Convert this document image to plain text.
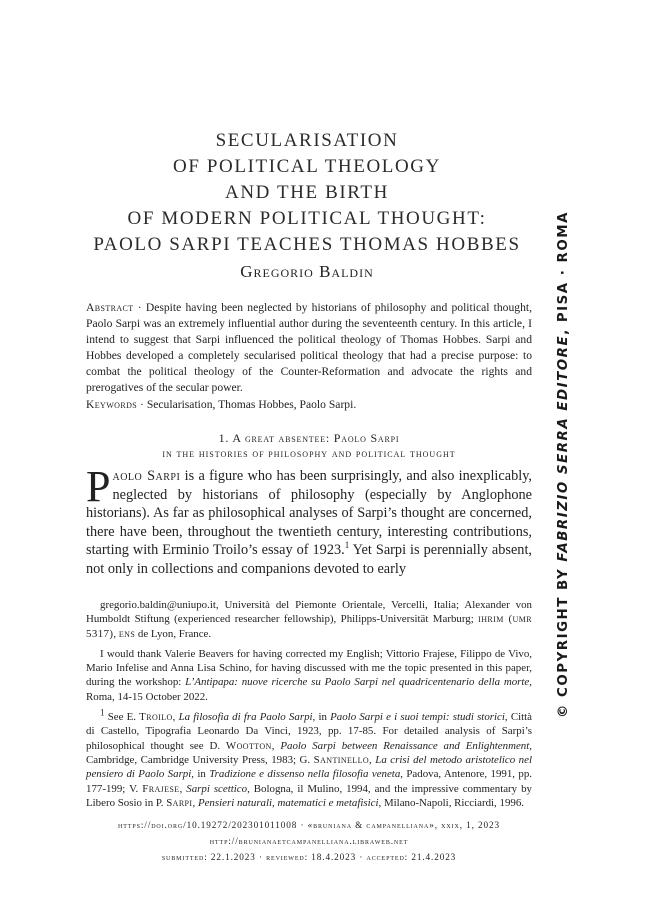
SECULARISATION
OF POLITICAL THEOLOGY
AND THE BIRTH
OF MODERN POLITICAL THOUGHT:
PAOLO SARPI TEACHES THOMAS HOBBES
Gregorio Baldin
Abstract · Despite having been neglected by historians of philosophy and political thought, Paolo Sarpi was an extremely influential author during the seventeenth century. In this article, I intend to suggest that Sarpi influenced the political theology of Thomas Hobbes. Sarpi and Hobbes developed a completely secularised political theology that had a precise purpose: to combat the political theology of the Counter-Reformation and advocate the rights and prerogatives of the secular power.
Keywords · Secularisation, Thomas Hobbes, Paolo Sarpi.
1. A great absentee: Paolo Sarpi
in the histories of philosophy and political thought
Paolo Sarpi is a figure who has been surprisingly, and also inexplicably, neglected by historians of philosophy (especially by Anglophone historians). As far as philosophical analyses of Sarpi’s thought are concerned, there have been, throughout the twentieth century, interesting contributions, starting with Erminio Troilo’s essay of 1923.$^1$ Yet Sarpi is perennially absent, not only in collections and companions devoted to early

gregorio.baldin@uniupo.it, Università del Piemonte Orientale, Vercelli, Italia; Alexander von Humboldt Stiftung (experienced researcher fellowship), Philipps-Universität Marburg; ihrim (umr 5317), ens de Lyon, France.

I would thank Valerie Beavers for having corrected my English; Vittorio Frajese, Filippo de Vivo, Mario Infelise and Anna Lisa Schino, for having discussed with me the topic presented in this paper, during the workshop: L’Antipapa: nuove ricerche su Paolo Sarpi nel quadricentenario della morte, Roma, 14-15 October 2022.

$^1$ See E. Troilo, La filosofia di fra Paolo Sarpi, in Paolo Sarpi e i suoi tempi: studi storici, Città di Castello, Tipografia Leonardo Da Vinci, 1923, pp. 17-85. For detailed analysis of Sarpi’s philosophical thought see D. Wootton, Paolo Sarpi between Renaissance and Enlightenment, Cambridge, Cambridge University Press, 1983; G. Santinello, La crisi del metodo aristotelico nel pensiero di Paolo Sarpi, in Tradizione e dissenso nella filosofia veneta, Padova, Antenore, 1991, pp. 177-199; V. Frajese, Sarpi scettico, Bologna, il Mulino, 1994, and the impressive commentary by Libero Sosio in P. Sarpi, Pensieri naturali, matematici e metafisici, Milano-Napoli, Ricciardi, 1996.

https://doi.org/10.19272/202301011008 · «bruniana & campanelliana», xxix, 1, 2023
http://brunianaetcampanelliana.libraweb.net
submitted: 22.1.2023 · reviewed: 18.4.2023 · accepted: 21.4.2023
© COPYRIGHT BY FABRIZIO SERRA EDITORE, PISA · ROMA
